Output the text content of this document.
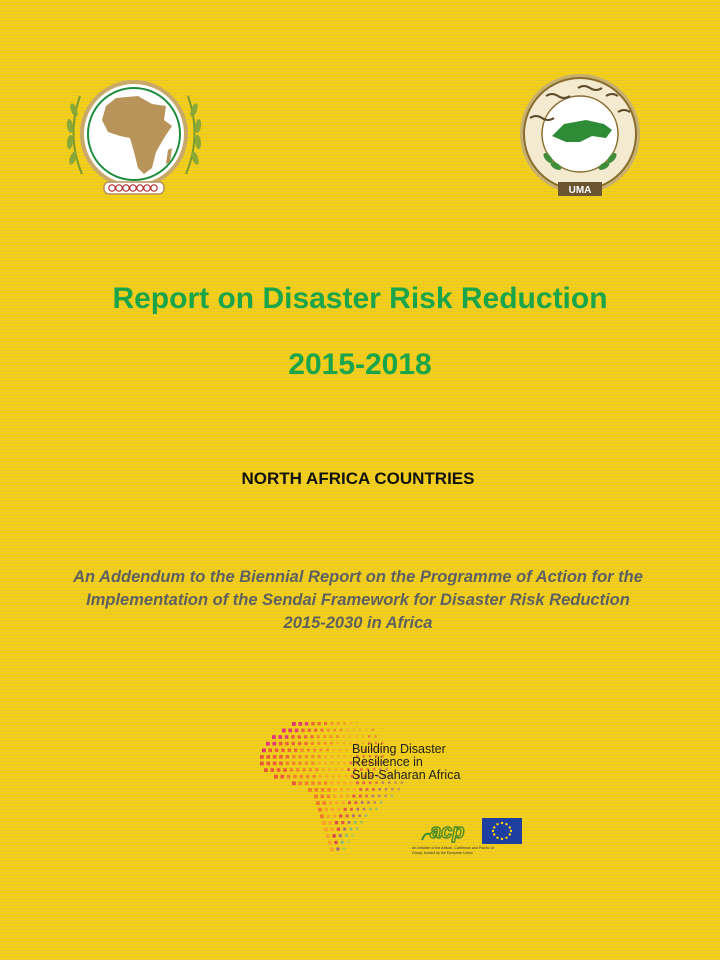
UMA
Report on Disaster Risk Reduction
2015-2018
NORTH AFRICA COUNTRIES
An Addendum to the Biennial Report on the Programme of Action for the
Implementation of the Sendai Framework for Disaster Risk Reduction
2015-2030 in Africa
Building Disaster
Resilience in
Sub-Saharan Africa
acp
An initiative of the African, Caribbean and Pacific Gr
Group, funded by the European Union
